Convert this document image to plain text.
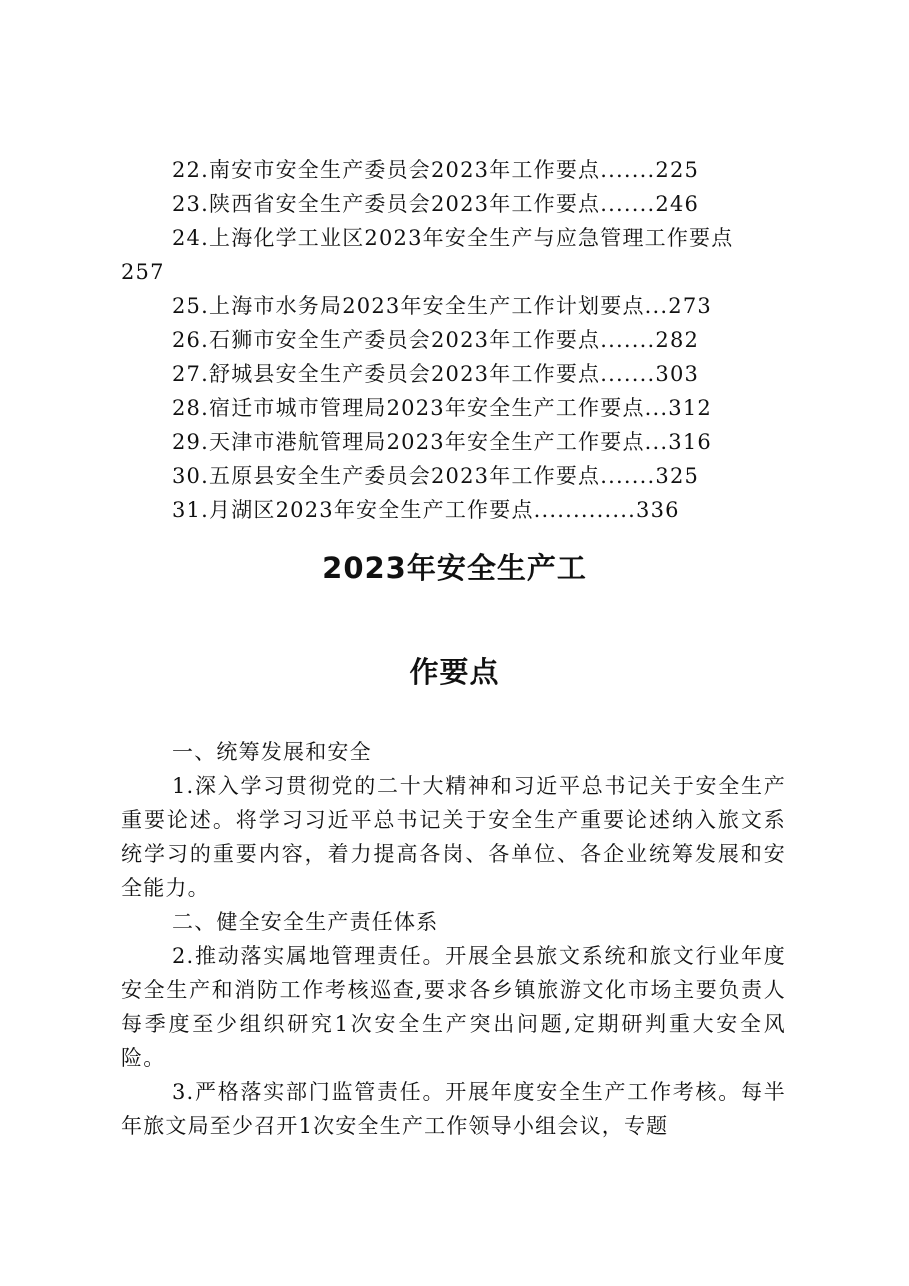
22.南安市安全生产委员会2023年工作要点.......225
23.陕西省安全生产委员会2023年工作要点.......246
24.上海化学工业区2023年安全生产与应急管理工作要点
257
25.上海市水务局2023年安全生产工作计划要点...273
26.石狮市安全生产委员会2023年工作要点.......282
27.舒城县安全生产委员会2023年工作要点.......303
28.宿迁市城市管理局2023年安全生产工作要点...312
29.天津市港航管理局2023年安全生产工作要点...316
30.五原县安全生产委员会2023年工作要点.......325
31.月湖区2023年安全生产工作要点.............336
2023年安全生产工
作要点

一、统筹发展和安全

1.深入学习贯彻党的二十大精神和习近平总书记关于安全生产重要论述。将学习习近平总书记关于安全生产重要论述纳入旅文系统学习的重要内容，着力提高各岗、各单位、各企业统筹发展和安全能力。

二、健全安全生产责任体系

2.推动落实属地管理责任。开展全县旅文系统和旅文行业年度安全生产和消防工作考核巡查,要求各乡镇旅游文化市场主要负责人每季度至少组织研究1次安全生产突出问题,定期研判重大安全风险。

3.严格落实部门监管责任。开展年度安全生产工作考核。每半年旅文局至少召开1次安全生产工作领导小组会议，专题
